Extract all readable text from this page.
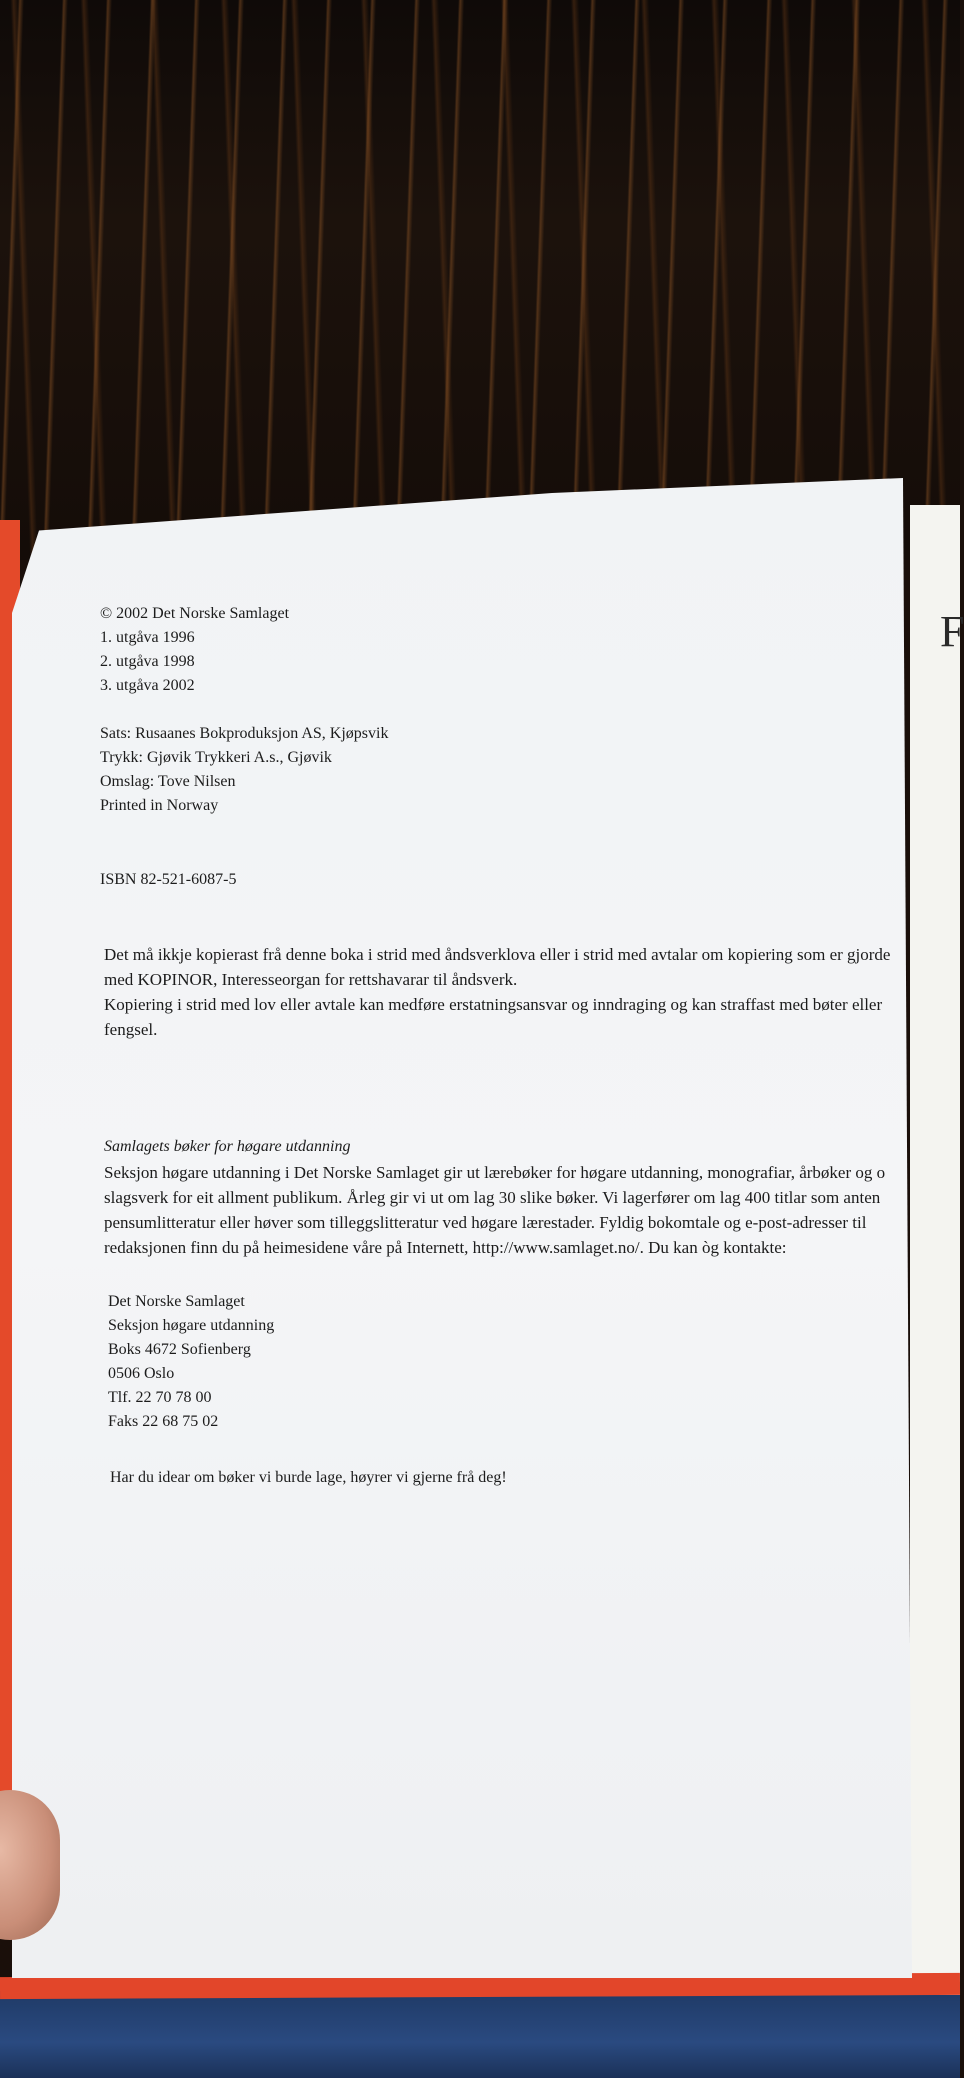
F
© 2002 Det Norske Samlaget
1. utgåva 1996
2. utgåva 1998
3. utgåva 2002
Sats: Rusaanes Bokproduksjon AS, Kjøpsvik
Trykk: Gjøvik Trykkeri A.s., Gjøvik
Omslag: Tove Nilsen
Printed in Norway
ISBN 82-521-6087-5
Det må ikkje kopierast frå denne boka i strid med åndsverklova eller i strid med avtalar om kopiering som er gjorde
med KOPINOR, Interesseorgan for rettshavarar til åndsverk.
Kopiering i strid med lov eller avtale kan medføre erstatningsansvar og inndraging og kan straffast med bøter eller
fengsel.
Samlagets bøker for høgare utdanning
Seksjon høgare utdanning i Det Norske Samlaget gir ut lærebøker for høgare utdanning, monografiar, årbøker og o
slagsverk for eit allment publikum. Årleg gir vi ut om lag 30 slike bøker. Vi lagerfører om lag 400 titlar som anten
pensumlitteratur eller høver som tilleggslitteratur ved høgare lærestader. Fyldig bokomtale og e-post-adresser til
redaksjonen finn du på heimesidene våre på Internett, http://www.samlaget.no/. Du kan òg kontakte:
Det Norske Samlaget
Seksjon høgare utdanning
Boks 4672 Sofienberg
0506 Oslo
Tlf. 22 70 78 00
Faks 22 68 75 02
Har du idear om bøker vi burde lage, høyrer vi gjerne frå deg!
